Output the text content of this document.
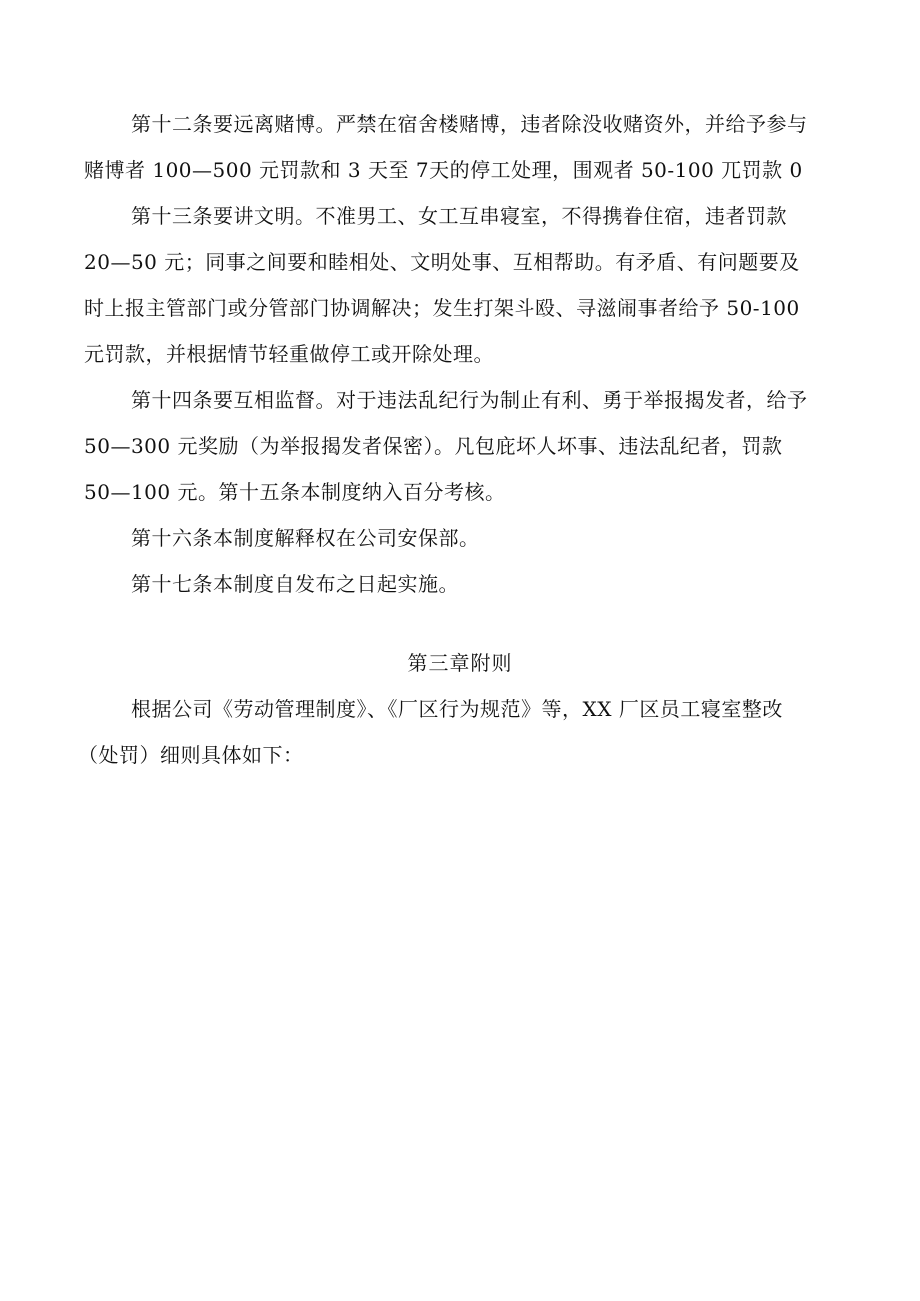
第十二条要远离赌博。严禁在宿舍楼赌博，违者除没收赌资外，并给予参与
赌博者 100—500 元罚款和 3 天至 7天的停工处理，围观者 50-100 兀罚款 0
第十三条要讲文明。不准男工、女工互串寝室，不得携眷住宿，违者罚款
20—50 元；同事之间要和睦相处、文明处事、互相帮助。有矛盾、有问题要及
时上报主管部门或分管部门协调解决；发生打架斗殴、寻滋闹事者给予 50-100
元罚款，并根据情节轻重做停工或开除处理。
第十四条要互相监督。对于违法乱纪行为制止有利、勇于举报揭发者，给予
50—300 元奖励（为举报揭发者保密）。凡包庇坏人坏事、违法乱纪者，罚款
50—100 元。第十五条本制度纳入百分考核。
第十六条本制度解释权在公司安保部。
第十七条本制度自发布之日起实施。
第三章附则
根据公司《劳动管理制度》、《厂区行为规范》等，XX 厂区员工寝室整改
（处罚）细则具体如下：
